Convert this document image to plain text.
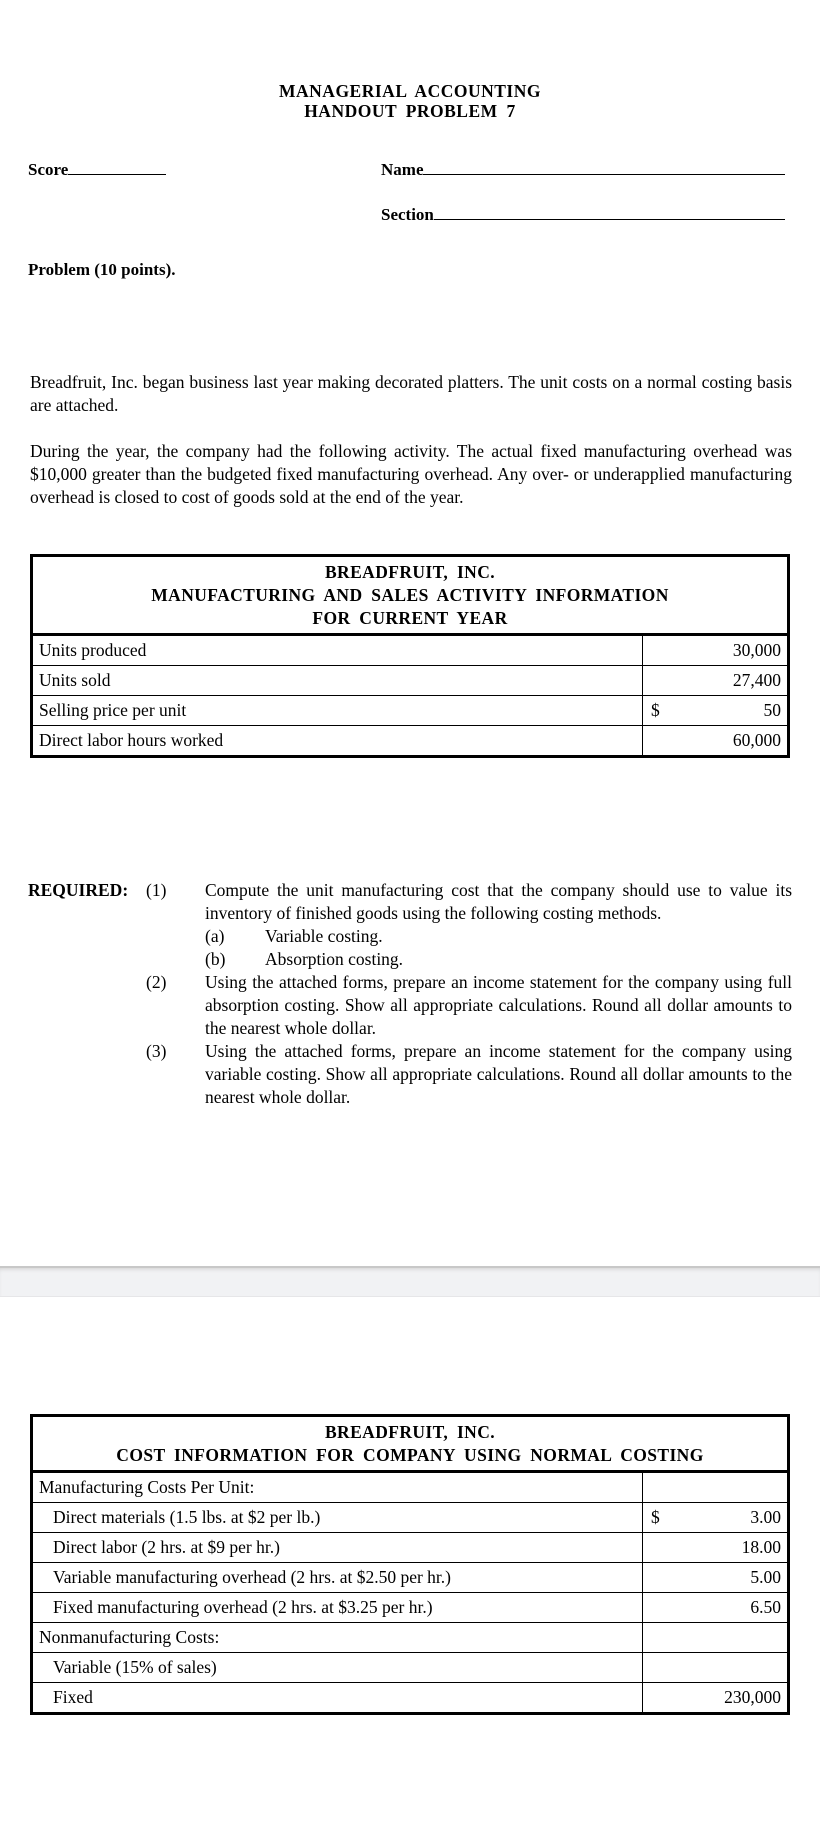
MANAGERIAL ACCOUNTING
HANDOUT PROBLEM 7
Score	Name
Section
Problem (10 points).
Breadfruit, Inc. began business last year making decorated platters. The unit costs on a normal costing basis are attached.
During the year, the company had the following activity. The actual fixed manufacturing overhead was $10,000 greater than the budgeted fixed manufacturing overhead. Any over- or underapplied manufacturing overhead is closed to cost of goods sold at the end of the year.
BREADFRUIT, INC.
MANUFACTURING AND SALES ACTIVITY INFORMATION
FOR CURRENT YEAR	

Units produced	30,000
Units sold	27,400
Selling price per unit	$ 50
Direct labor hours worked	60,000
REQUIRED: (1) Compute the unit manufacturing cost that the company should use to value its inventory of finished goods using the following costing methods.
(a) Variable costing.
(b) Absorption costing.
(2) Using the attached forms, prepare an income statement for the company using full absorption costing. Show all appropriate calculations. Round all dollar amounts to the nearest whole dollar.
(3) Using the attached forms, prepare an income statement for the company using variable costing. Show all appropriate calculations. Round all dollar amounts to the nearest whole dollar.
BREADFRUIT, INC.
COST INFORMATION FOR COMPANY USING NORMAL COSTING	

Manufacturing Costs Per Unit:	

Direct materials (1.5 lbs. at $2 per lb.)	$ 3.00
Direct labor (2 hrs. at $9 per hr.)	18.00
Variable manufacturing overhead (2 hrs. at $2.50 per hr.)	5.00
Fixed manufacturing overhead (2 hrs. at $3.25 per hr.)	6.50
Nonmanufacturing Costs:	

Variable (15% of sales)	

Fixed	230,000
